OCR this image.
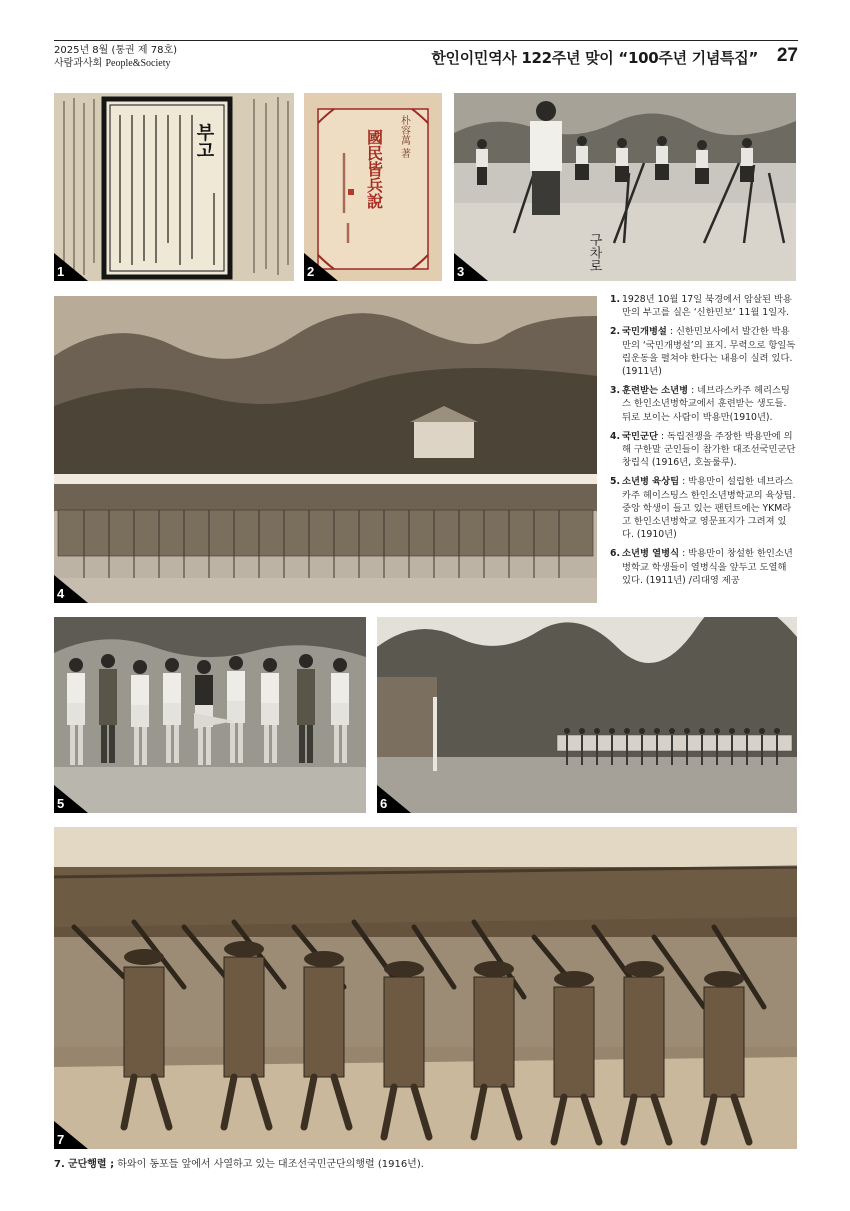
2025년 8월 (통권 제 78호)
사람과사회 People&Society	한인이민역사 122주년 맞이 “100주년 기념특집” 27
부고
1
國民皆兵說 朴容萬 著
2	구차로
3
4
5	6
7
1. 1928년 10월 17일 북경에서 암살된 박용만의 부고를 실은 ‘신한민보’ 11월 1일자.
2. 국민개병설 : 신한민보사에서 발간한 박용만의 ‘국민개병설’의 표지. 무력으로 항일독립운동을 펼쳐야 한다는 내용이 실려 있다. (1911년)
3. 훈련받는 소년병 : 네브라스카주 헤리스팅스 한인소년병학교에서 훈련받는 생도들. 뒤로 보이는 사람이 박용만(1910년).
4. 국민군단 : 독립전쟁을 주장한 박용만에 의해 구한말 군인들이 참가한 대조선국민군단 창립식 (1916년, 호놀룰루).
5. 소년병 육상팀 : 박용만이 설립한 네브라스카주 헤이스팅스 한인소년병학교의 육상팀. 중앙 학생이 들고 있는 팬턴트에는 YKM라고 한인소년병학교 영문표지가 그려져 있다. (1910년)
6. 소년병 열병식 : 박용만이 창설한 한인소년병학교 학생들이 열병식을 앞두고 도열해 있다. (1911년) /리대영 제공
7. 군단행렬 ; 하와이 동포들 앞에서 사열하고 있는 대조선국민군단의행렬 (1916년).
